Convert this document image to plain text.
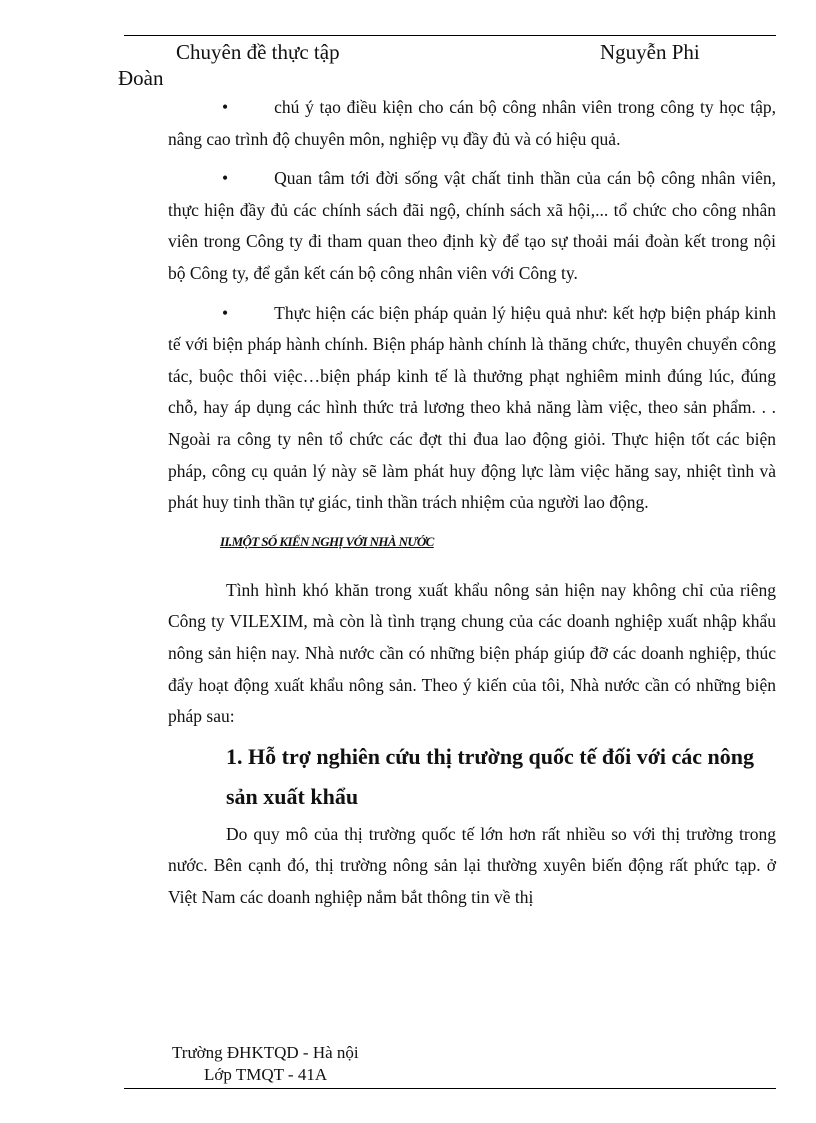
Chuyên đề thực tập	Nguyễn Phi
Đoàn

•	chú ý tạo điều kiện cho cán bộ công nhân viên trong công ty học tập, nâng cao trình độ chuyên môn, nghiệp vụ đầy đủ và có hiệu quả.

•	Quan tâm tới đời sống vật chất tinh thần của cán bộ công nhân viên, thực hiện đầy đủ các chính sách đãi ngộ, chính sách xã hội,... tổ chức cho công nhân viên trong Công ty đi tham quan theo định kỳ để tạo sự thoải mái đoàn kết trong nội bộ Công ty, để gắn kết cán bộ công nhân viên với Công ty.

•	Thực hiện các biện pháp quản lý hiệu quả như: kết hợp biện pháp kinh tế với biện pháp hành chính. Biện pháp hành chính là thăng chức, thuyên chuyển công tác, buộc thôi việc…biện pháp kinh tế là thưởng phạt nghiêm minh đúng lúc, đúng chỗ, hay áp dụng các hình thức trả lương theo khả năng làm việc, theo sản phẩm. . . Ngoài ra công ty nên tổ chức các đợt thi đua lao động giỏi. Thực hiện tốt các biện pháp, công cụ quản lý này sẽ làm phát huy động lực làm việc hăng say, nhiệt tình và phát huy tinh thần tự giác, tinh thần trách nhiệm của người lao động.

II.MỘT SỐ KIẾN NGHỊ VỚI NHÀ NƯỚC

Tình hình khó khăn trong xuất khẩu nông sản hiện nay không chỉ của riêng Công ty VILEXIM, mà còn là tình trạng chung của các doanh nghiệp xuất nhập khẩu nông sản hiện nay. Nhà nước cần có những biện pháp giúp đỡ các doanh nghiệp, thúc đẩy hoạt động xuất khẩu nông sản. Theo ý kiến của tôi, Nhà nước cần có những biện pháp sau:

1. Hỗ trợ nghiên cứu thị trường quốc tế đối với các nông sản xuất khẩu

Do quy mô của thị trường quốc tế lớn hơn rất nhiều so với thị trường trong nước. Bên cạnh đó, thị trường nông sản lại thường xuyên biến động rất phức tạp. ở Việt Nam các doanh nghiệp nắm bắt thông tin về thị

Trường ĐHKTQD - Hà nội
Lớp TMQT - 41A
